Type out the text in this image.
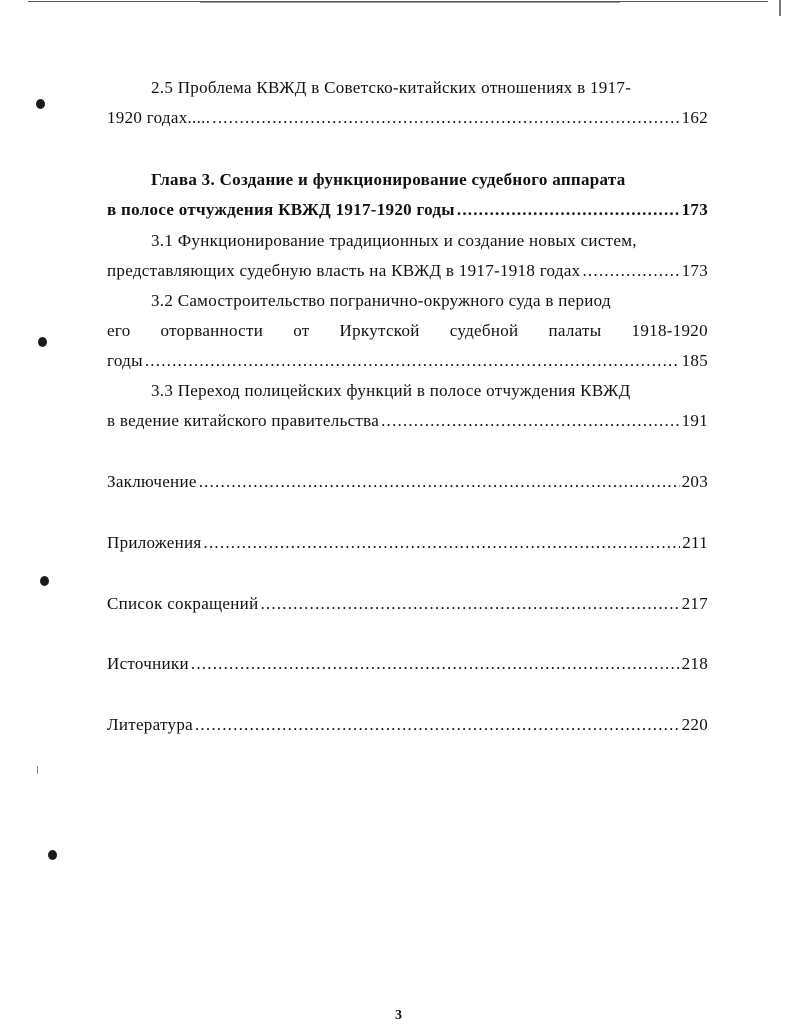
2.5 Проблема КВЖД в Советско-китайских отношениях в 1917-
1920 годах..... .....	162
Глава 3. Создание и функционирование судебного аппарата
в полосе отчуждения КВЖД 1917-1920 годы .....	173
3.1 Функционирование традиционных и создание новых систем,
представляющих судебную власть на КВЖД в 1917-1918 годах .....	173
3.2 Самостроительство погранично-окружного суда в период
его оторванности от Иркутской судебной палаты 1918-1920
годы .....	185
3.3 Переход полицейских функций в полосе отчуждения КВЖД
в ведение китайского правительства .....	191
Заключение .....	203
Приложения .....	211
Список сокращений .....	217
Источники .....	218
Литература .....	220
3
